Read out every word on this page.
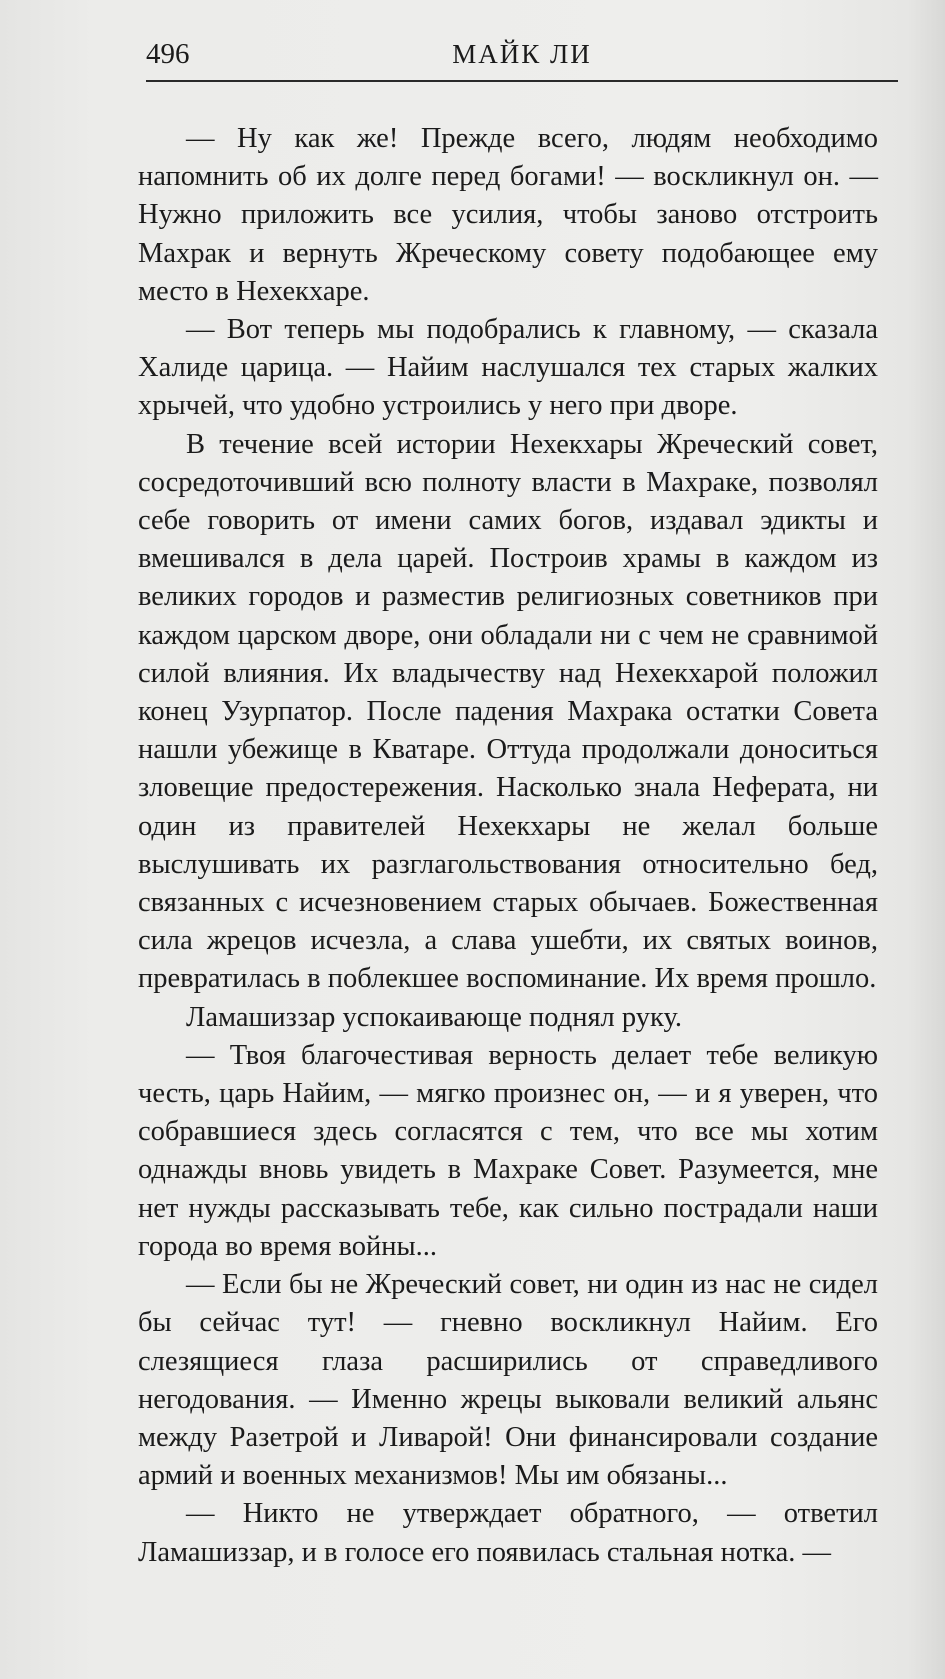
496	МАЙК ЛИ

— Ну как же! Прежде всего, людям необходимо напомнить об их долге перед богами! — воскликнул он. — Нужно приложить все усилия, чтобы заново отстроить Махрак и вернуть Жреческому совету подобающее ему место в Нехекхаре.

— Вот теперь мы подобрались к главному, — сказала Халиде царица. — Найим наслушался тех старых жалких хрычей, что удобно устроились у него при дворе.

В течение всей истории Нехекхары Жреческий совет, сосредоточивший всю полноту власти в Махраке, позволял себе говорить от имени самих богов, издавал эдикты и вмешивался в дела царей. Построив храмы в каждом из великих городов и разместив религиозных советников при каждом царском дворе, они обладали ни с чем не сравнимой силой влияния. Их владычеству над Нехекхарой положил конец Узурпатор. После падения Махрака остатки Совета нашли убежище в Кватаре. Оттуда продолжали доноситься зловещие предостережения. Насколько знала Неферата, ни один из правителей Нехекхары не желал больше выслушивать их разглагольствования относительно бед, связанных с исчезновением старых обычаев. Божественная сила жрецов исчезла, а слава ушебти, их святых воинов, превратилась в поблекшее воспоминание. Их время прошло.

Ламашиззар успокаивающе поднял руку.

— Твоя благочестивая верность делает тебе великую честь, царь Найим, — мягко произнес он, — и я уверен, что собравшиеся здесь согласятся с тем, что все мы хотим однажды вновь увидеть в Махраке Совет. Разумеется, мне нет нужды рассказывать тебе, как сильно пострадали наши города во время войны...

— Если бы не Жреческий совет, ни один из нас не сидел бы сейчас тут! — гневно воскликнул Найим. Его слезящиеся глаза расширились от справедливого негодования. — Именно жрецы выковали великий альянс между Разетрой и Ливарой! Они финансировали создание армий и военных механизмов! Мы им обязаны...

— Никто не утверждает обратного, — ответил Ламашиззар, и в голосе его появилась стальная нотка. —
